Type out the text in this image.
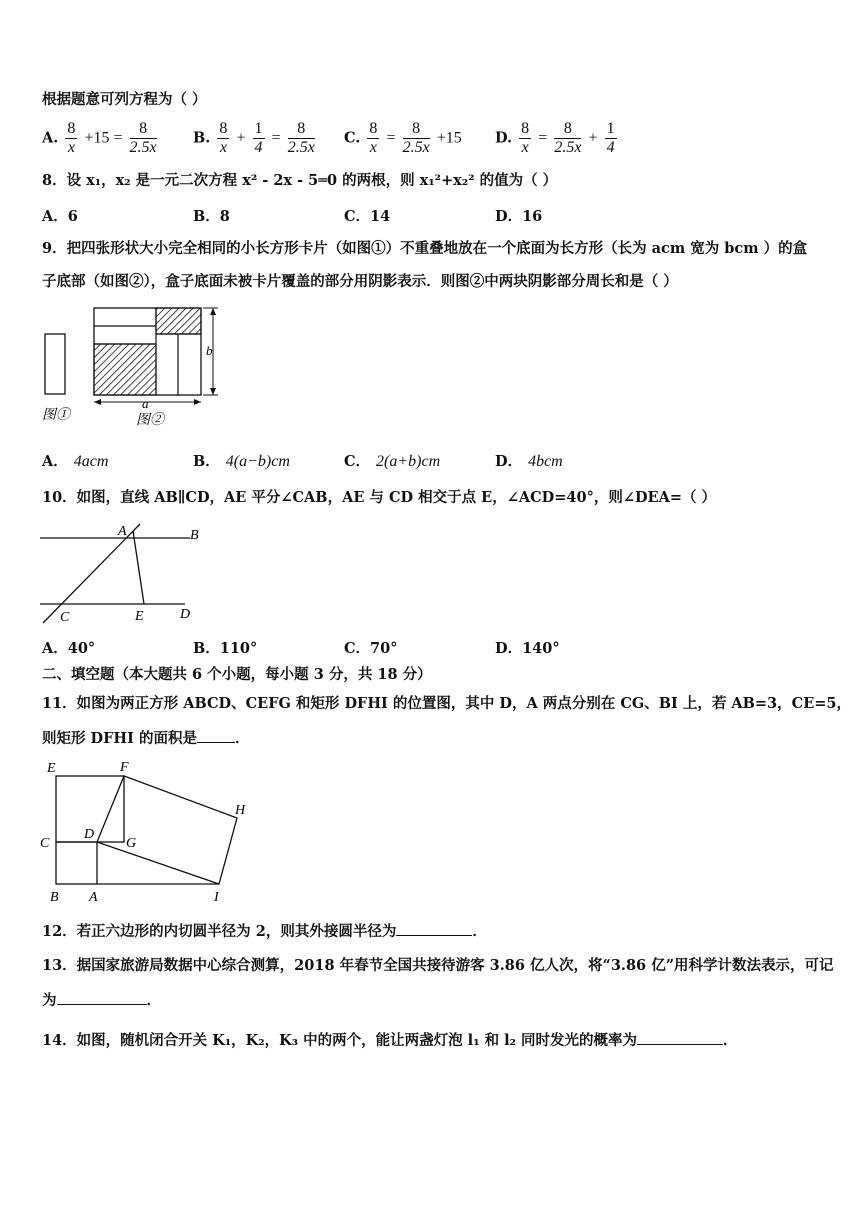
根据题意可列方程为（ ）
A. $\frac{8}{x} +15 = \frac{8}{2.5x}$	B. $\frac{8}{x} + \frac{1}{4} = \frac{8}{2.5x} C$. $\frac{8}{x} = \frac{8}{2.5x} +15$ D. $\frac{8}{x} = \frac{8}{2.5x} + \frac{1}{4}$
8．设 x₁，x₂ 是一元二次方程 x² - 2x - 5═0 的两根，则 x₁²+x₂² 的值为（ ）
A．6	B．8	C．14	D．16
9．把四张形状大小完全相同的小长方形卡片（如图①）不重叠地放在一个底面为长方形（长为 acm 宽为 bcm ）的盒
子底部（如图②），盒子底面未被卡片覆盖的部分用阴影表示．则图②中两块阴影部分周长和是（ ）
图①
b
a
图②
A． 4acm	B． 4(a−b)cm	C． 2(a+b)cm	D． 4bcm
10．如图，直线 AB∥CD，AE 平分∠CAB，AE 与 CD 相交于点 E，∠ACD=40°，则∠DEA=（ ）
A	B
C	E	D
A．40°	B．110°	C．70°	D．140°
二、填空题（本大题共 6 个小题，每小题 3 分，共 18 分）
11．如图为两正方形 ABCD、CEFG 和矩形 DFHI 的位置图，其中 D，A 两点分别在 CG、BI 上，若 AB=3，CE=5，
则矩形 DFHI 的面积是	．
E	F
H
C
D
G
B A	I
12．若正六边形的内切圆半径为 2，则其外接圆半径为	．
13．据国家旅游局数据中心综合测算，2018 年春节全国共接待游客 3.86 亿人次，将“3.86 亿”用科学计数法表示，可记
为	．
14．如图，随机闭合开关 K₁，K₂，K₃ 中的两个，能让两盏灯泡 l₁ 和 l₂ 同时发光的概率为	．
